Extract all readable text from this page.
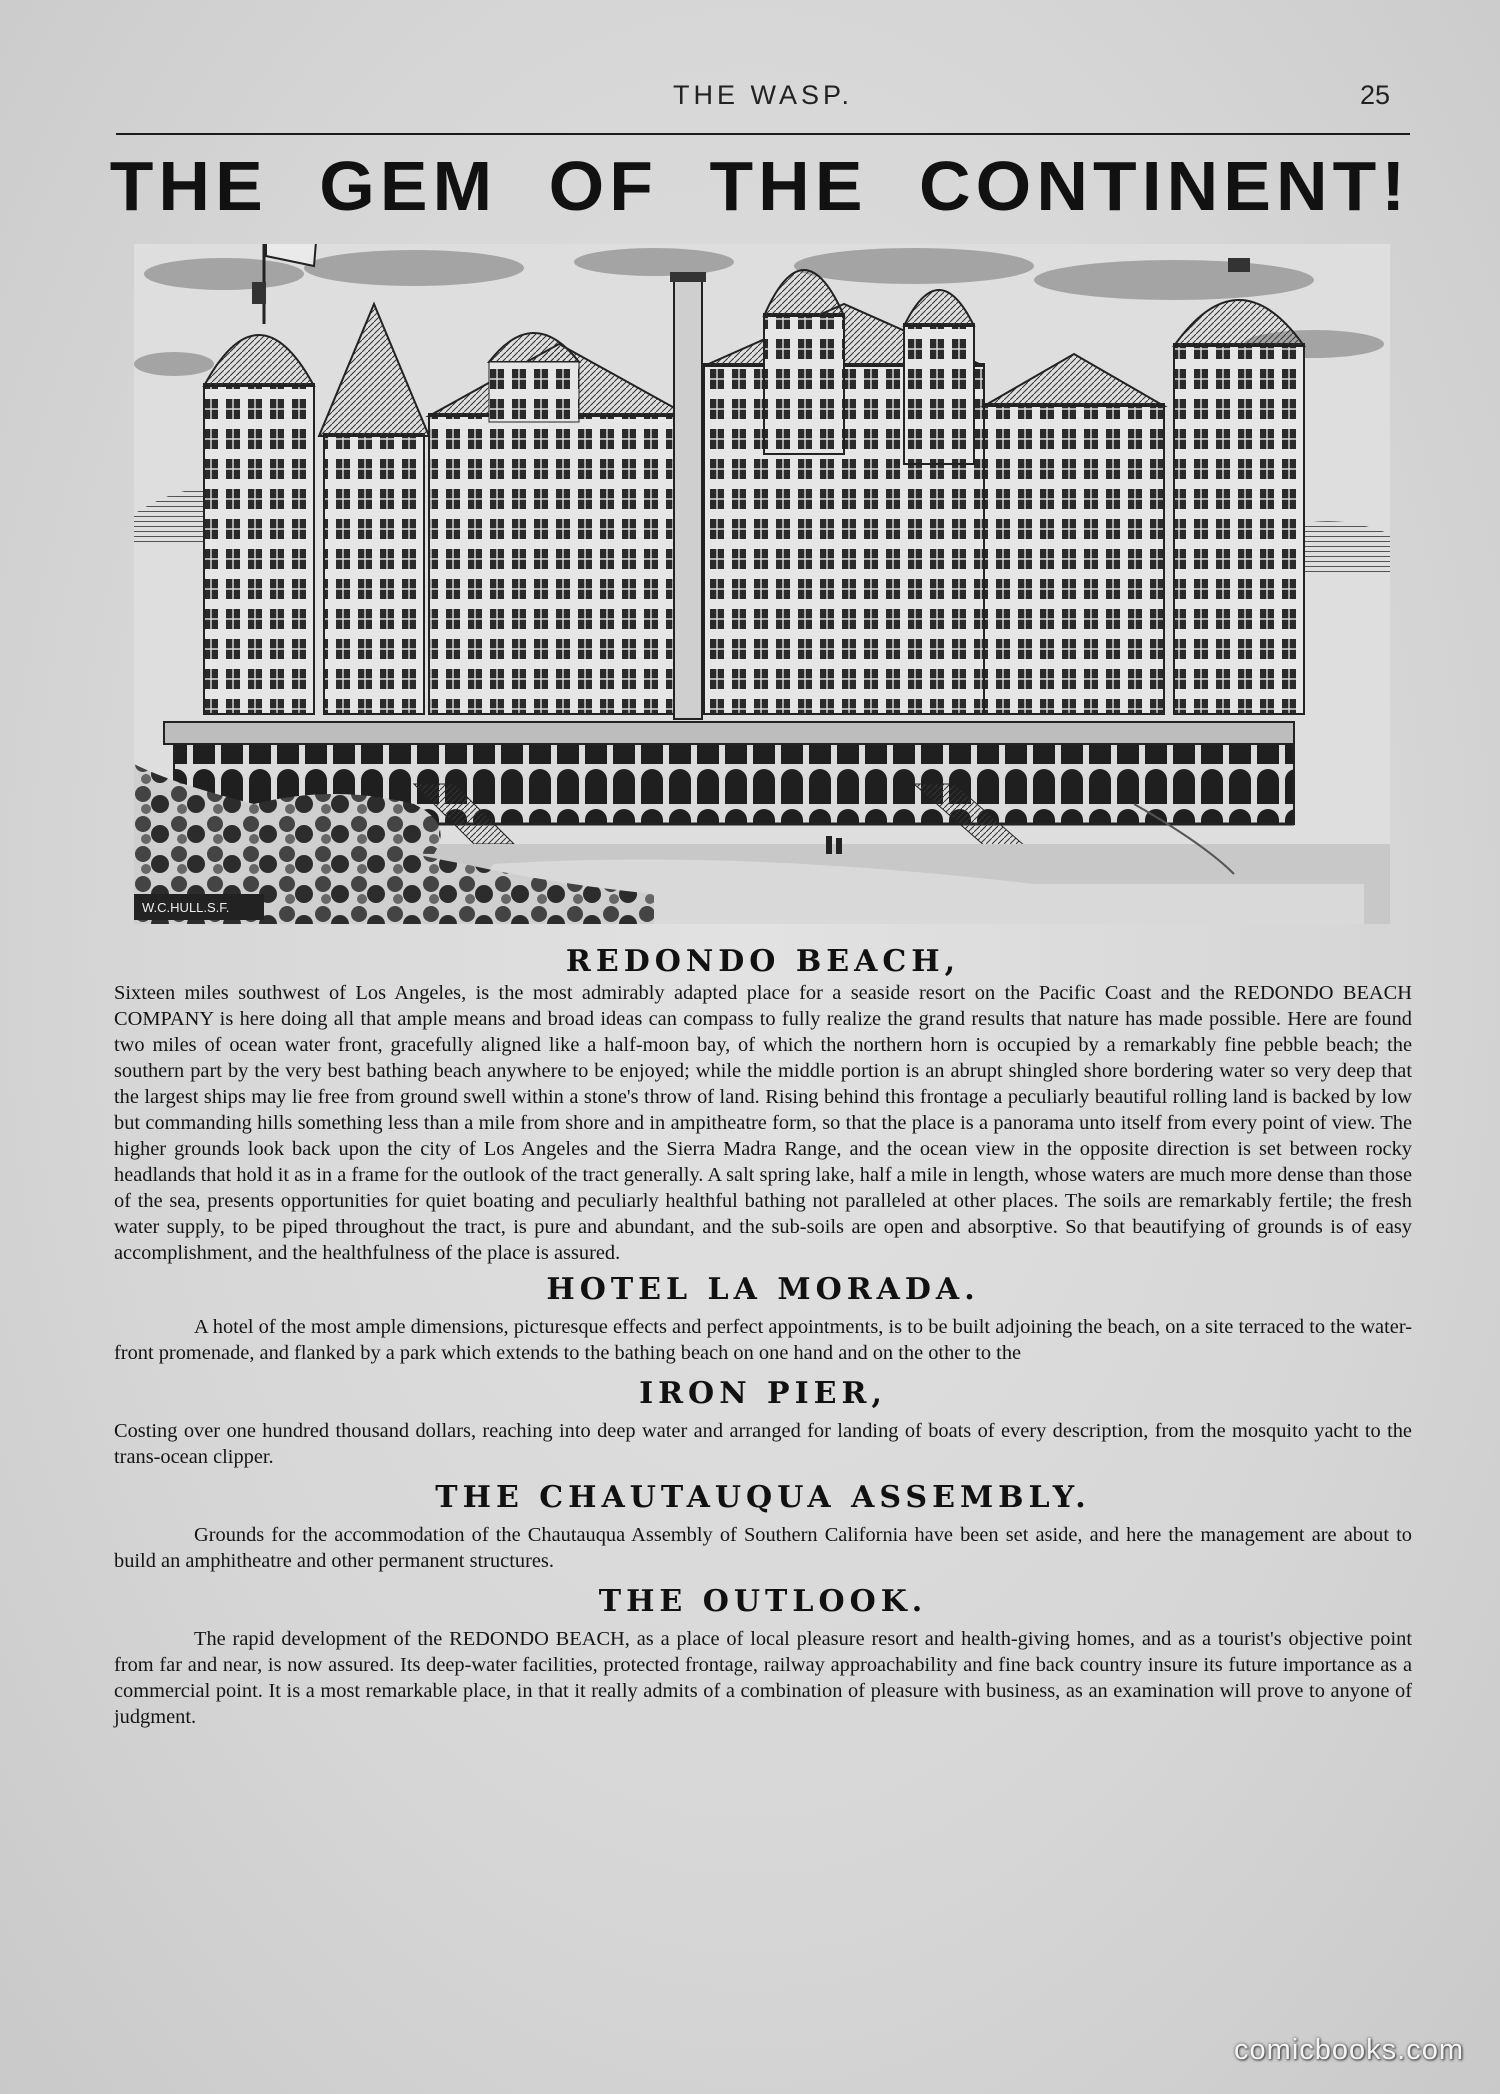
THE WASP.	25
THE GEM OF THE CONTINENT!
W.C.HULL.S.F.
REDONDO BEACH,

Sixteen miles southwest of Los Angeles, is the most admirably adapted place for a seaside resort on the Pacific Coast and the REDONDO BEACH COMPANY is here doing all that ample means and broad ideas can compass to fully realize the grand results that nature has made possible. Here are found two miles of ocean water front, gracefully aligned like a half-moon bay, of which the northern horn is occupied by a remarkably fine pebble beach; the southern part by the very best bathing beach anywhere to be enjoyed; while the middle portion is an abrupt shingled shore bordering water so very deep that the largest ships may lie free from ground swell within a stone's throw of land. Rising behind this frontage a peculiarly beautiful rolling land is backed by low but commanding hills something less than a mile from shore and in ampitheatre form, so that the place is a panorama unto itself from every point of view. The higher grounds look back upon the city of Los Angeles and the Sierra Madra Range, and the ocean view in the opposite direction is set between rocky headlands that hold it as in a frame for the outlook of the tract generally. A salt spring lake, half a mile in length, whose waters are much more dense than those of the sea, presents opportunities for quiet boating and peculiarly healthful bathing not paralleled at other places. The soils are remarkably fertile; the fresh water supply, to be piped throughout the tract, is pure and abundant, and the sub-soils are open and absorptive. So that beautifying of grounds is of easy accomplishment, and the healthfulness of the place is assured.

HOTEL LA MORADA.

A hotel of the most ample dimensions, picturesque effects and perfect appointments, is to be built adjoining the beach, on a site terraced to the water-front promenade, and flanked by a park which extends to the bathing beach on one hand and on the other to the

IRON PIER,

Costing over one hundred thousand dollars, reaching into deep water and arranged for landing of boats of every description, from the mosquito yacht to the trans-ocean clipper.

THE CHAUTAUQUA ASSEMBLY.

Grounds for the accommodation of the Chautauqua Assembly of Southern California have been set aside, and here the management are about to build an amphitheatre and other permanent structures.

THE OUTLOOK.

The rapid development of the REDONDO BEACH, as a place of local pleasure resort and health-giving homes, and as a tourist's objective point from far and near, is now assured. Its deep-water facilities, protected frontage, railway approachability and fine back country insure its future importance as a commercial point. It is a most remarkable place, in that it really admits of a combination of pleasure with business, as an examination will prove to anyone of judgment.

comicbooks.com
